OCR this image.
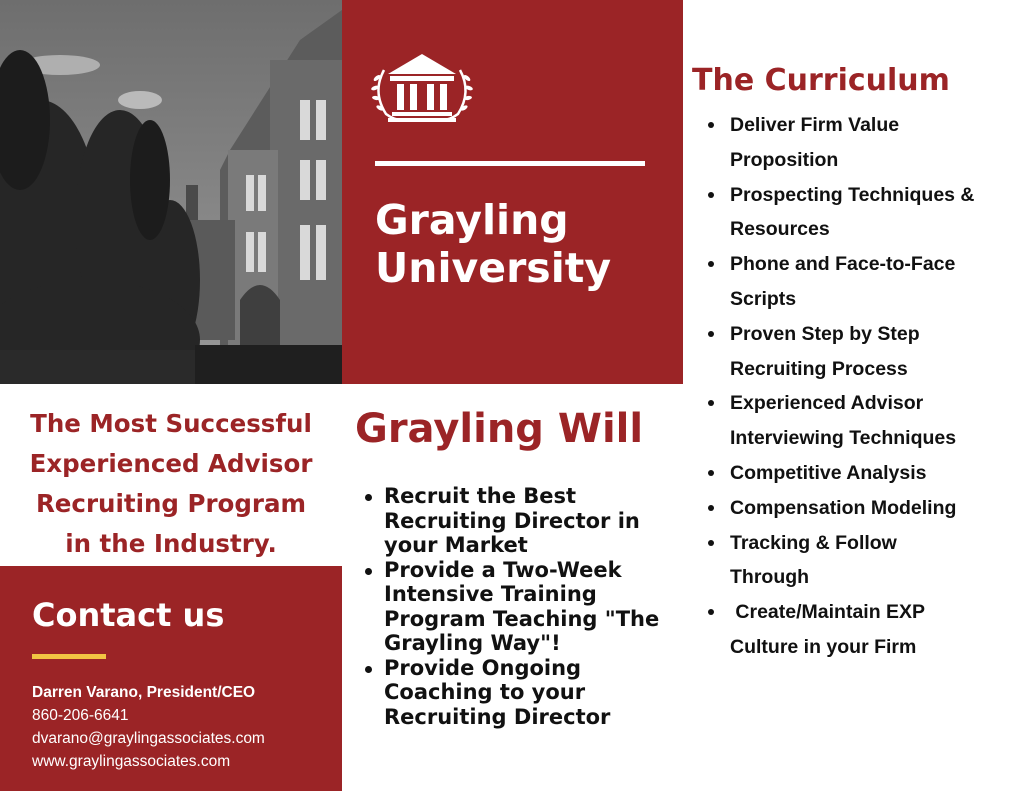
Grayling
University
The Most Successful
Experienced Advisor
Recruiting Program
in the Industry.
Contact us
Darren Varano, President/CEO
860-206-6641
dvarano@graylingassociates.com
www.graylingassociates.com
Grayling Will
Recruit the Best
Recruiting Director in
your Market
Provide a Two-Week
Intensive Training
Program Teaching "The
Grayling Way"!
Provide Ongoing
Coaching to your
Recruiting Director
The Curriculum
Deliver Firm Value
Proposition
Prospecting Techniques &
Resources
Phone and Face-to-Face
Scripts
Proven Step by Step
Recruiting Process
Experienced Advisor
Interviewing Techniques
Competitive Analysis
Compensation Modeling
Tracking & Follow
Through
Create/Maintain EXP
Culture in your Firm
